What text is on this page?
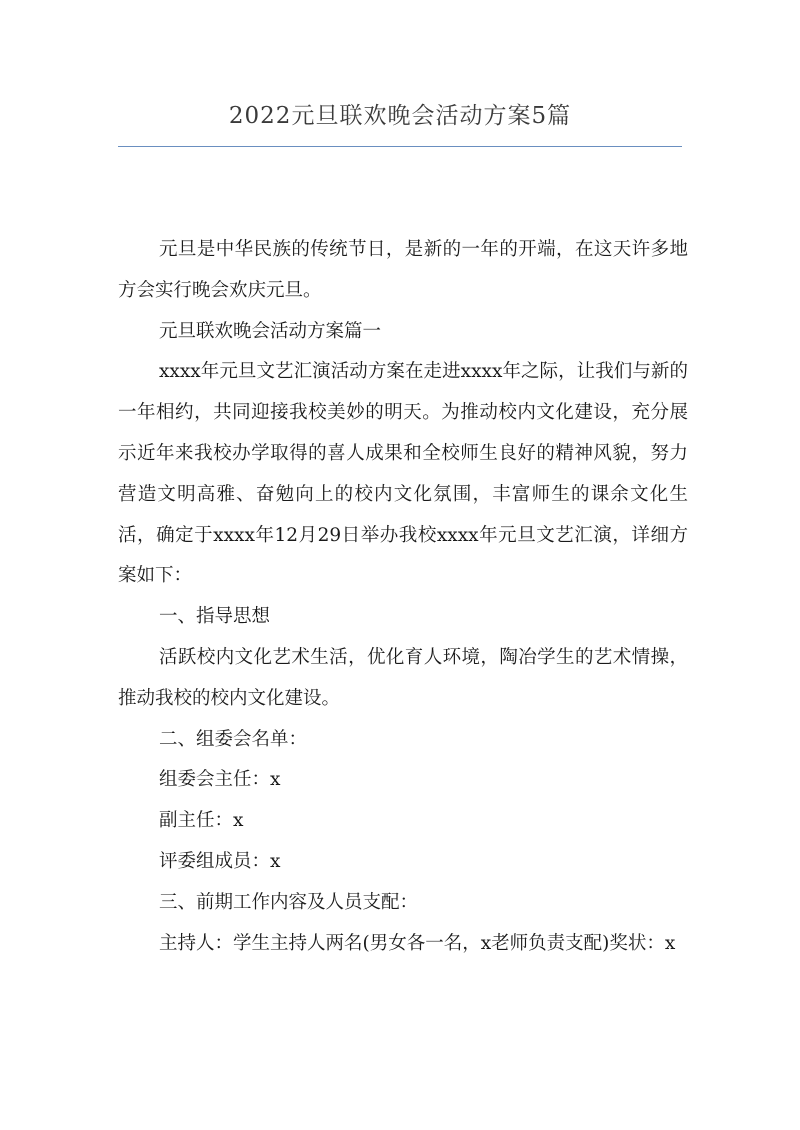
2022元旦联欢晚会活动方案5篇

元旦是中华民族的传统节日，是新的一年的开端，在这天许多地方会实行晚会欢庆元旦。

元旦联欢晚会活动方案篇一

xxxx年元旦文艺汇演活动方案在走进xxxx年之际，让我们与新的一年相约，共同迎接我校美妙的明天。为推动校内文化建设，充分展示近年来我校办学取得的喜人成果和全校师生良好的精神风貌，努力营造文明高雅、奋勉向上的校内文化氛围，丰富师生的课余文化生活，确定于xxxx年12月29日举办我校xxxx年元旦文艺汇演，详细方案如下：

一、指导思想

活跃校内文化艺术生活，优化育人环境，陶冶学生的艺术情操，推动我校的校内文化建设。

二、组委会名单：

组委会主任：x

副主任：x

评委组成员：x

三、前期工作内容及人员支配：

主持人：学生主持人两名(男女各一名，x老师负责支配)奖状：x
